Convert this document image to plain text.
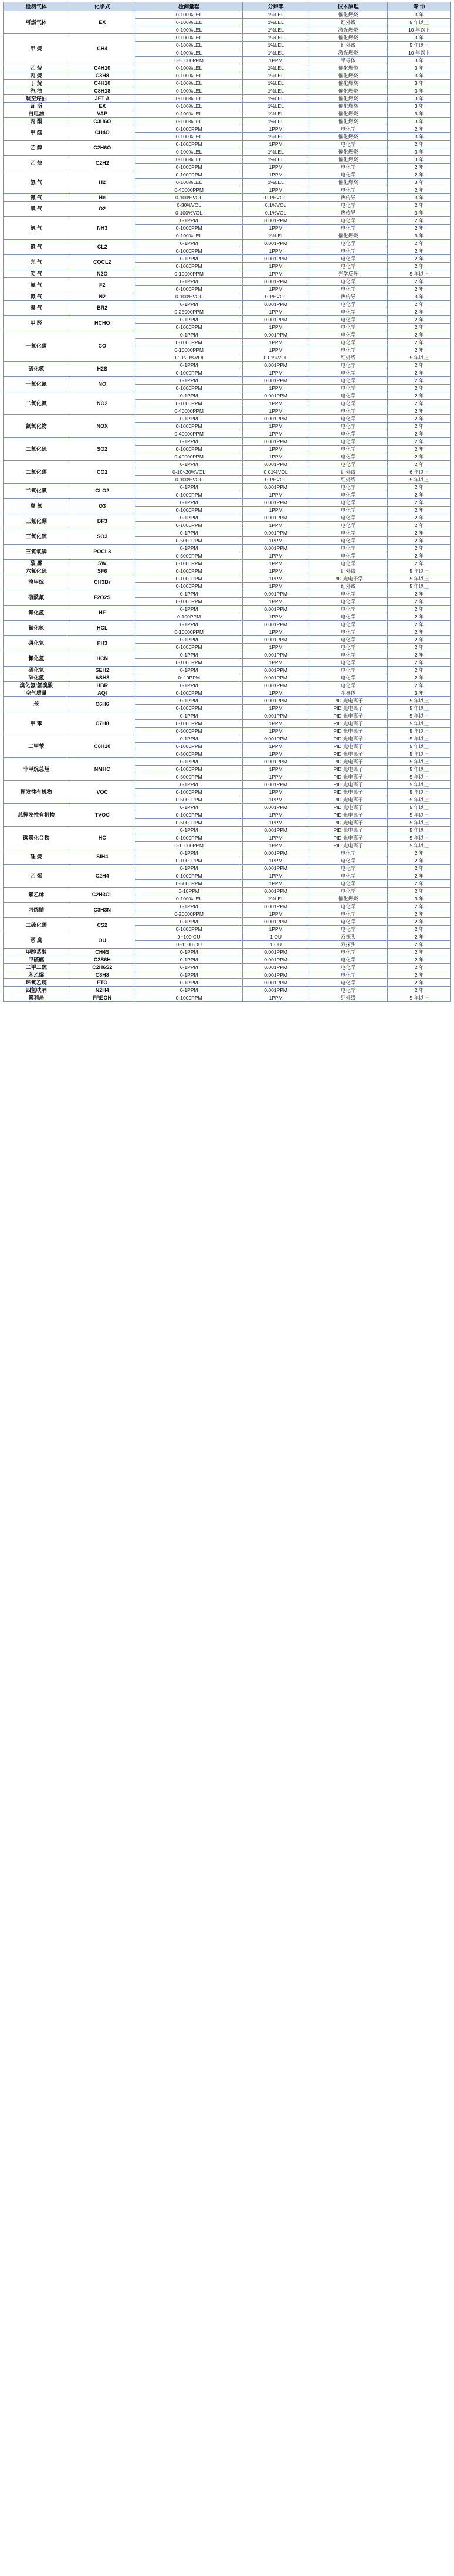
检测气体	化学式	检测量程	分辨率	技术原理	寿 命
可燃气体	EX	0-100%LEL	1%LEL	催化燃烧	3 年
		0-100%LEL	1%LEL	红外线	5 年以上
		0-100%LEL	1%LEL	激光燃烧	10 年以上
甲 烷	CH4	0-100%LEL	1%LEL	催化燃烧	3 年
		0-100%LEL	1%LEL	红外线	5 年以上
		0-100%LEL	1%LEL	激光燃烧	10 年以上
		0-50000PPM	1PPM	半导体	3 年
乙 烷	C4H10	0-100%LEL	1%LEL	催化燃烧	3 年
丙 烷	C3H8	0-100%LEL	1%LEL	催化燃烧	3 年
丁 烷	C4H10	0-100%LEL	1%LEL	催化燃烧	3 年
汽 油	C8H18	0-100%LEL	1%LEL	催化燃烧	3 年
航空煤油	JET A	0-100%LEL	1%LEL	催化燃烧	3 年
瓦 斯	EX	0-100%LEL	1%LEL	催化燃烧	3 年
白电油	VAP	0-100%LEL	1%LEL	催化燃烧	3 年
丙 酮	C3H6O	0-100%LEL	1%LEL	催化燃烧	3 年
甲 醛	CH4O	0-1000PPM	1PPM	电化学	2 年
		0-100%LEL	1%LEL	催化燃烧	3 年
乙 醇	C2H6O	0-1000PPM	1PPM	电化学	2 年
		0-100%LEL	1%LEL	催化燃烧	3 年
乙 炔	C2H2	0-100%LEL	1%LEL	催化燃烧	3 年
		0-1000PPM	1PPM	电化学	2 年
氢 气	H2	0-1000PPM	1PPM	电化学	2 年
		0-100%LEL	1%LEL	催化燃烧	3 年
		0-40000PPM	1PPM	电化学	2 年
氦 气	He	0-100%VOL	0.1%VOL	热传导	3 年
氧 气	O2	0-30%VOL	0.1%VOL	电化学	2 年
		0-100%VOL	0.1%VOL	热传导	3 年
氨 气	NH3	0-1PPM	0.001PPM	电化学	2 年
		0-1000PPM	1PPM	电化学	2 年
		0-100%LEL	1%LEL	催化燃烧	3 年
氯 气	CL2	0-1PPM	0.001PPM	电化学	2 年
		0-1000PPM	1PPM	电化学	2 年
光 气	COCL2	0-1PPM	0.001PPM	电化学	2 年
		0-1000PPM	1PPM	电化学	2 年
笑 气	N2O	0-10000PPM	1PPM	光学反导	5 年以上
氟 气	F2	0-1PPM	0.001PPM	电化学	2 年
		0-1000PPM	1PPM	电化学	2 年
氮 气	N2	0-100%VOL	0.1%VOL	热传导	3 年
溴 气	BR2	0-1PPM	0.001PPM	电化学	2 年
		0-25000PPM	1PPM	电化学	2 年
甲 醛	HCHO	0-1PPM	0.001PPM	电化学	2 年
		0-1000PPM	1PPM	电化学	2 年
一氧化碳	CO	0-1PPM	0.001PPM	电化学	2 年
		0-1000PPM	1PPM	电化学	2 年
		0-10000PPM	1PPM	电化学	2 年
		0-10/20%VOL	0.01%VOL	红外线	5 年以上
硫化氢	H2S	0-1PPM	0.001PPM	电化学	2 年
		0-1000PPM	1PPM	电化学	2 年
一氧化氮	NO	0-1PPM	0.001PPM	电化学	2 年
		0-1000PPM	1PPM	电化学	2 年
二氧化氮	NO2	0-1PPM	0.001PPM	电化学	2 年
		0-1000PPM	1PPM	电化学	2 年
		0-40000PPM	1PPM	电化学	2 年
氮氧化物	NOX	0-1PPM	0.001PPM	电化学	2 年
		0-1000PPM	1PPM	电化学	2 年
		0-40000PPM	1PPM	电化学	2 年
二氧化硫	SO2	0-1PPM	0.001PPM	电化学	2 年
		0-1000PPM	1PPM	电化学	2 年
		0-40000PPM	1PPM	电化学	2 年
二氧化碳	CO2	0-1PPM	0.001PPM	电化学	2 年
		0-10~20%VOL	0.01%VOL	红外线	6 年以上
		0-100%VOL	0.1%VOL	红外线	5 年以上
二氧化氯	CLO2	0-1PPM	0.001PPM	电化学	2 年
		0-1000PPM	1PPM	电化学	2 年
臭 氧	O3	0-1PPM	0.001PPM	电化学	2 年
		0-1000PPM	1PPM	电化学	2 年
三氟化硼	BF3	0-1PPM	0.001PPM	电化学	2 年
		0-1000PPM	1PPM	电化学	2 年
三氧化硫	SO3	0-1PPM	0.001PPM	电化学	2 年
		0-5000PPM	1PPM	电化学	2 年
三氯氧磷	POCL3	0-1PPM	0.001PPM	电化学	2 年
		0-5000PPM	1PPM	电化学	2 年
酸 雾	SW	0-1000PPM	1PPM	电化学	2 年
六氟化硫	SF6	0-1000PPM	1PPM	红外线	5 年以上
溴甲烷	CH3Br	0-1000PPM	1PPM	PID 光电子学	5 年以上
		0-1000PPM	1PPM	红外线	5 年以上
硫酰氟	F2O2S	0-1PPM	0.001PPM	电化学	2 年
		0-1000PPM	1PPM	电化学	2 年
氟化氢	HF	0-1PPM	0.001PPM	电化学	2 年
		0-100PPM	1PPM	电化学	2 年
氯化氢	HCL	0-1PPM	0.001PPM	电化学	2 年
		0-10000PPM	1PPM	电化学	2 年
磷化氢	PH3	0-1PPM	0.001PPM	电化学	2 年
		0-1000PPM	1PPM	电化学	2 年
氰化氢	HCN	0-1PPM	0.001PPM	电化学	2 年
		0-1000PPM	1PPM	电化学	2 年
硒化氢	SEH2	0-1PPM	0.001PPM	电化学	2 年
砷化氢	ASH3	0~10PPM	0.001PPM	电化学	2 年
溴化氢/氢溴酸	HBR	0-1PPM	0.001PPM	电化学	2 年
空气质量	AQI	0-1000PPM	1PPM	半导体	3 年
苯	C6H6	0-1PPM	0.001PPM	PID 光电离子	5 年以上
		0-1000PPM	1PPM	PID 光电离子	5 年以上
甲 苯	C7H8	0-1PPM	0.001PPM	PID 光电离子	5 年以上
		0-1000PPM	1PPM	PID 光电离子	5 年以上
		0-5000PPM	1PPM	PID 光电离子	5 年以上
二甲苯	C8H10	0-1PPM	0.001PPM	PID 光电离子	5 年以上
		0-1000PPM	1PPM	PID 光电离子	5 年以上
		0-5000PPM	1PPM	PID 光电离子	5 年以上
非甲烷总烃	NMHC	0-1PPM	0.001PPM	PID 光电离子	5 年以上
		0-1000PPM	1PPM	PID 光电离子	5 年以上
		0-5000PPM	1PPM	PID 光电离子	5 年以上
挥发性有机物	VOC	0-1PPM	0.001PPM	PID 光电离子	5 年以上
		0-1000PPM	1PPM	PID 光电离子	5 年以上
		0-5000PPM	1PPM	PID 光电离子	5 年以上
总挥发性有机物	TVOC	0-1PPM	0.001PPM	PID 光电离子	5 年以上
		0-1000PPM	1PPM	PID 光电离子	5 年以上
		0-5000PPM	1PPM	PID 光电离子	5 年以上
碳氢化合物	HC	0-1PPM	0.001PPM	PID 光电离子	5 年以上
		0-1000PPM	1PPM	PID 光电离子	5 年以上
		0-10000PPM	1PPM	PID 光电离子	5 年以上
硅 烷	SIH4	0-1PPM	0.001PPM	电化学	2 年
		0-1000PPM	1PPM	电化学	2 年
乙 烯	C2H4	0-1PPM	0.001PPM	电化学	2 年
		0-1000PPM	1PPM	电化学	2 年
		0-5000PPM	1PPM	电化学	2 年
氯乙烯	C2H3CL	0-10PPM	0.001PPM	电化学	2 年
		0-100%LEL	1%LEL	催化燃烧	3 年
丙烯腈	C3H3N	0-1PPM	0.001PPM	电化学	2 年
		0-20000PPM	1PPM	电化学	2 年
二硫化碳	CS2	0-1PPM	0.001PPM	电化学	2 年
		0-1000PPM	1PPM	电化学	2 年
恶 臭	OU	0~100 OU	1 OU	双探头	2 年
		0~1000 OU	1 OU	双探头	2 年
甲醇蒸醇	CH4S	0-1PPM	0.001PPM	电化学	2 年
甲硫醚	C2S6H	0-1PPM	0.001PPM	电化学	2 年
二甲二硫	C2H6S2	0-1PPM	0.001PPM	电化学	2 年
苯乙烯	C8H8	0-1PPM	0.001PPM	电化学	2 年
环氧乙烷	ETO	0-1PPM	0.001PPM	电化学	2 年
四氢呋喃	N2H4	0-1PPM	0.001PPM	电化学	2 年
氟利昂	FREON	0-1000PPM	1PPM	红外线	5 年以上
